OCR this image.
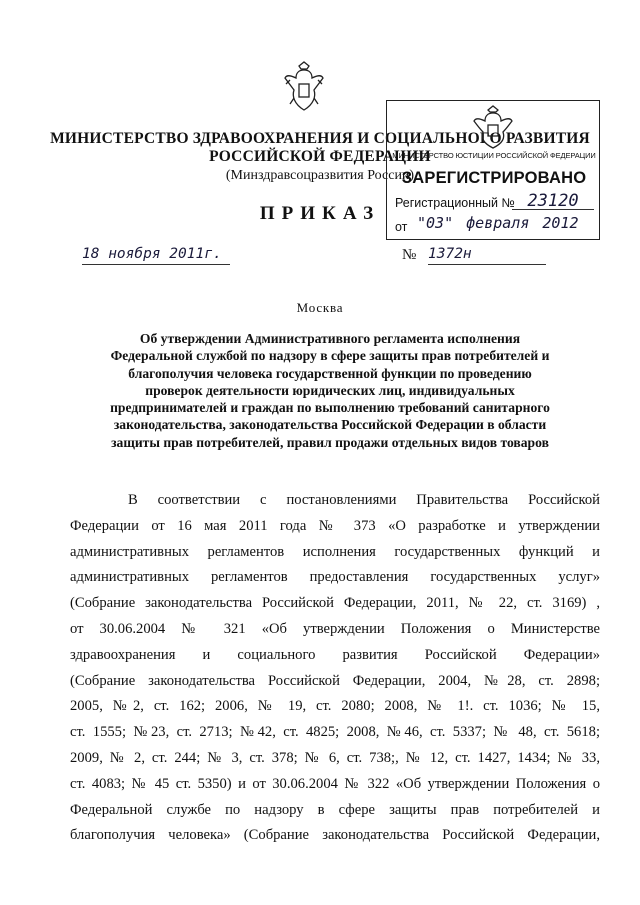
МИНИСТЕРСТВО ЗДРАВООХРАНЕНИЯ И СОЦИАЛЬНОГО РАЗВИТИЯ
РОССИЙСКОЙ ФЕДЕРАЦИИ
(Минздравсоцразвития России)
ПРИКАЗ
МИНИСТЕРСТВО ЮСТИЦИИ РОССИЙСКОЙ ФЕДЕРАЦИИ
ЗАРЕГИСТРИРОВАНО
Регистрационный № 23120
от "03" февраля 2012
18 ноября 2011г.	№ 1372н
Москва
Об утверждении Административного регламента исполнения
Федеральной службой по надзору в сфере защиты прав потребителей и
благополучия человека государственной функции по проведению
проверок деятельности юридических лиц, индивидуальных
предпринимателей и граждан по выполнению требований санитарного
законодательства, законодательства Российской Федерации в области
защиты прав потребителей, правил продажи отдельных видов товаров
В соответствии с постановлениями Правительства Российской
Федерации от 16 мая 2011 года № 373 «О разработке и утверждении
административных регламентов исполнения государственных функций и
административных регламентов предоставления государственных услуг»
(Собрание законодательства Российской Федерации, 2011, № 22, ст. 3169) ,
от 30.06.2004 № 321 «Об утверждении Положения о Министерстве
здравоохранения и социального развития Российской Федерации»
(Собрание законодательства Российской Федерации, 2004, №28, ст. 2898;
2005, №2, ст. 162; 2006, № 19, ст. 2080; 2008, № 1!. ст. 1036; № 15,
ст. 1555; №23, ст. 2713; №42, ст. 4825; 2008, №46, ст. 5337; № 48, ст. 5618;
2009, № 2, ст. 244; № 3, ст. 378; № 6, ст. 738;, № 12, ст. 1427, 1434; № 33,
ст. 4083; № 45 ст. 5350) и от 30.06.2004 № 322 «Об утверждении Положения о
Федеральной службе по надзору в сфере защиты прав потребителей и
благополучия человека» (Собрание законодательства Российской Федерации,
